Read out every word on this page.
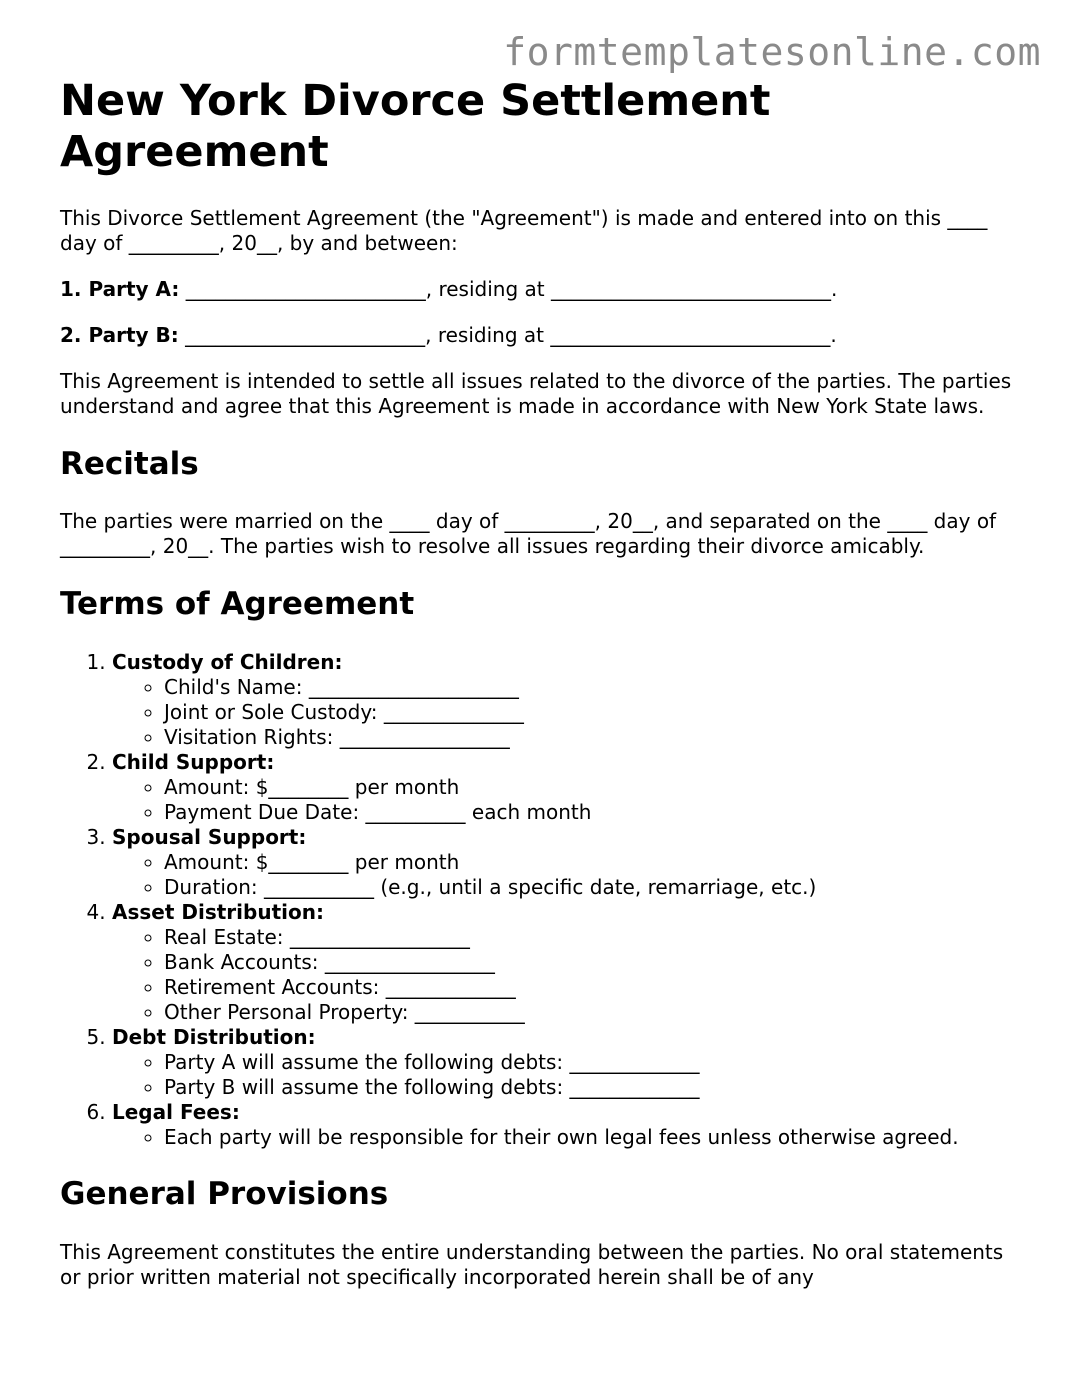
formtemplatesonline.com
New York Divorce Settlement Agreement

This Divorce Settlement Agreement (the "Agreement") is made and entered into on this ____ day of _________, 20__, by and between:

1. Party A: ________________________, residing at ____________________________.

2. Party B: ________________________, residing at ____________________________.

This Agreement is intended to settle all issues related to the divorce of the parties. The parties understand and agree that this Agreement is made in accordance with New York State laws.

Recitals

The parties were married on the ____ day of _________, 20__, and separated on the ____ day of _________, 20__. The parties wish to resolve all issues regarding their divorce amicably.

Terms of Agreement
1. Custody of Children:
◦ Child's Name: _____________________
◦ Joint or Sole Custody: ______________
◦ Visitation Rights: _________________
2. Child Support:
◦ Amount: $________ per month
◦ Payment Due Date: __________ each month
3. Spousal Support:
◦ Amount: $________ per month
◦ Duration: ___________ (e.g., until a specific date, remarriage, etc.)
4. Asset Distribution:
◦ Real Estate: __________________
◦ Bank Accounts: _________________
◦ Retirement Accounts: _____________
◦ Other Personal Property: ___________
5. Debt Distribution:
◦ Party A will assume the following debts: _____________
◦ Party B will assume the following debts: _____________
6. Legal Fees:
◦ Each party will be responsible for their own legal fees unless otherwise agreed.
General Provisions

This Agreement constitutes the entire understanding between the parties. No oral statements or prior written material not specifically incorporated herein shall be of any
